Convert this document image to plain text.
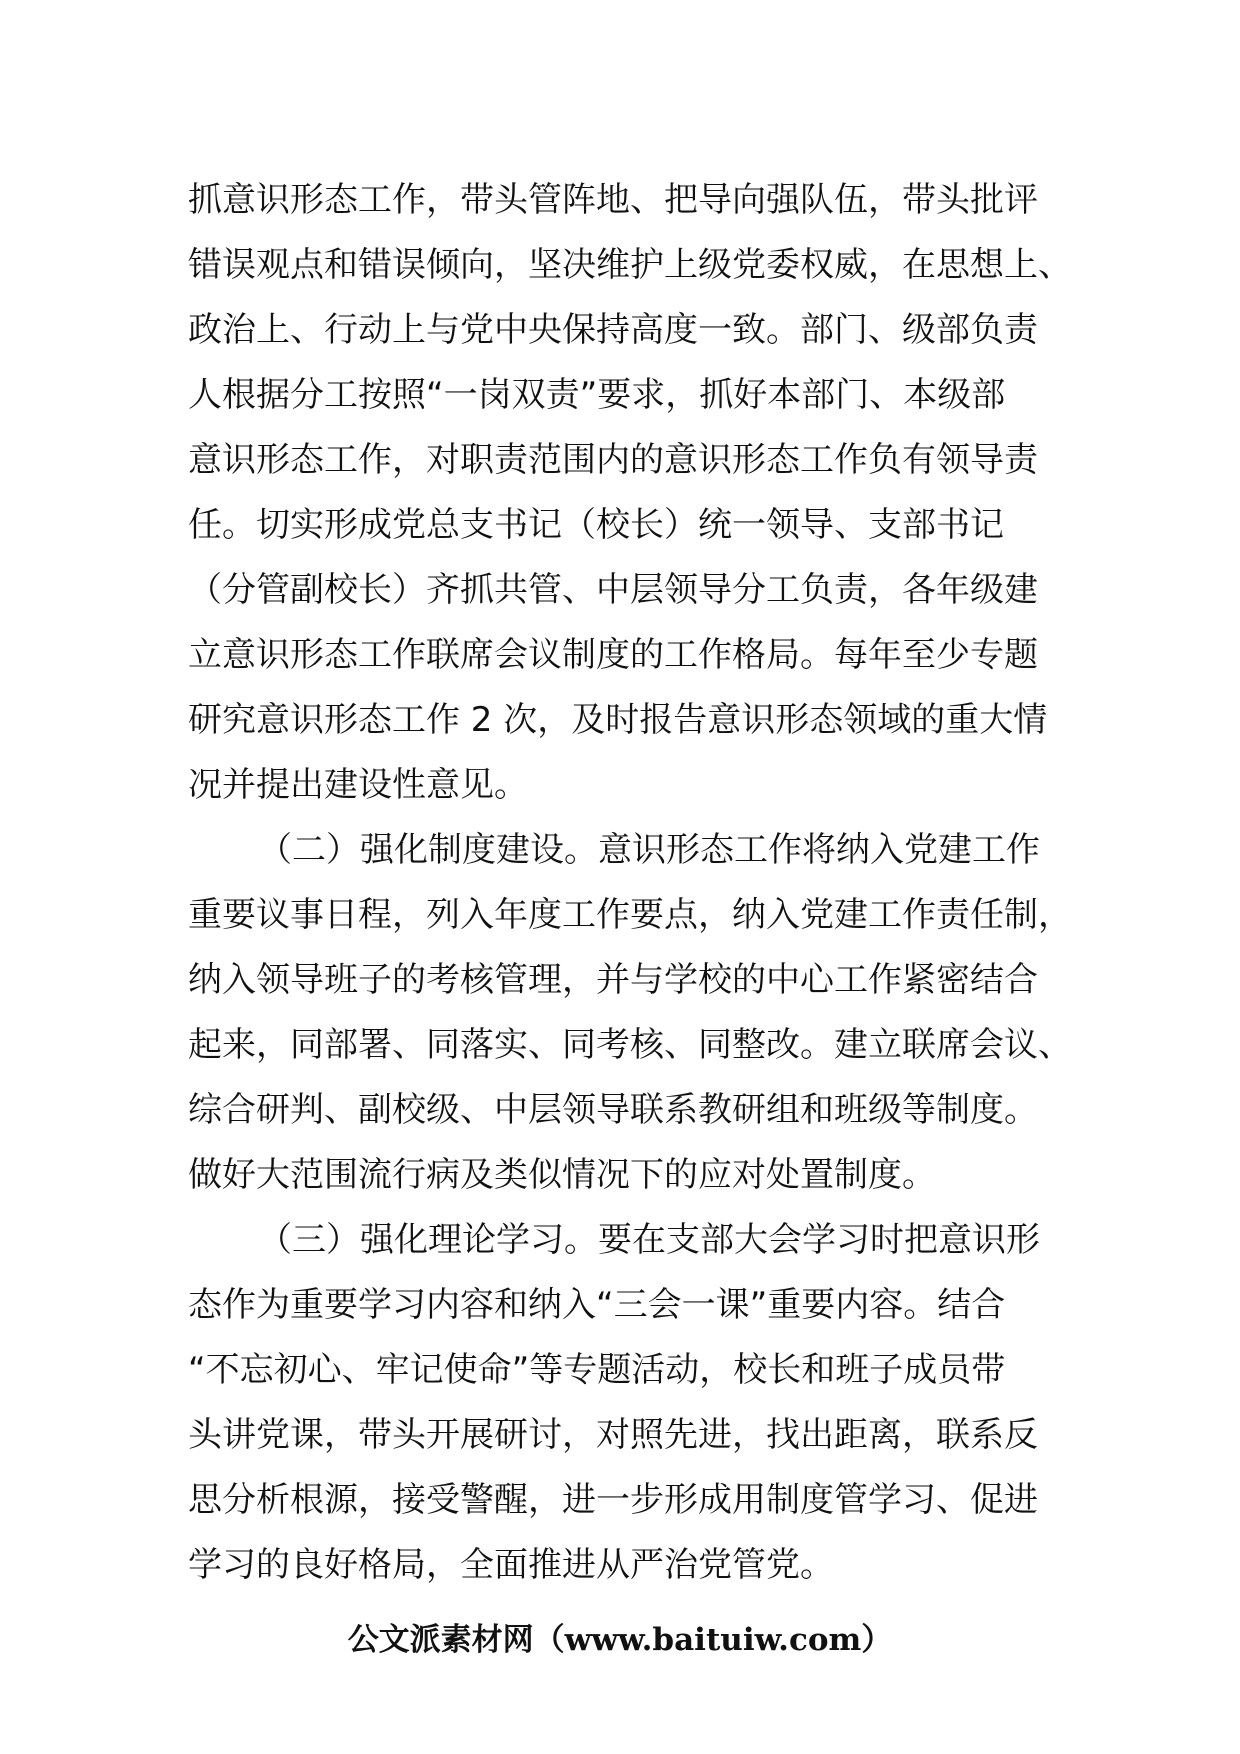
抓意识形态工作，带头管阵地、把导向强队伍，带头批评
错误观点和错误倾向，坚决维护上级党委权威，在思想上、
政治上、行动上与党中央保持高度一致。部门、级部负责
人根据分工按照“一岗双责”要求，抓好本部门、本级部
意识形态工作，对职责范围内的意识形态工作负有领导责
任。切实形成党总支书记（校长）统一领导、支部书记
（分管副校长）齐抓共管、中层领导分工负责，各年级建
立意识形态工作联席会议制度的工作格局。每年至少专题
研究意识形态工作 2 次，及时报告意识形态领域的重大情
况并提出建设性意见。
（二）强化制度建设。意识形态工作将纳入党建工作
重要议事日程，列入年度工作要点，纳入党建工作责任制，
纳入领导班子的考核管理，并与学校的中心工作紧密结合
起来，同部署、同落实、同考核、同整改。建立联席会议、
综合研判、副校级、中层领导联系教研组和班级等制度。
做好大范围流行病及类似情况下的应对处置制度。
（三）强化理论学习。要在支部大会学习时把意识形
态作为重要学习内容和纳入“三会一课”重要内容。结合
“不忘初心、牢记使命”等专题活动，校长和班子成员带
头讲党课，带头开展研讨，对照先进，找出距离，联系反
思分析根源，接受警醒，进一步形成用制度管学习、促进
学习的良好格局，全面推进从严治党管党。
公文派素材网（www.baituiw.com）
